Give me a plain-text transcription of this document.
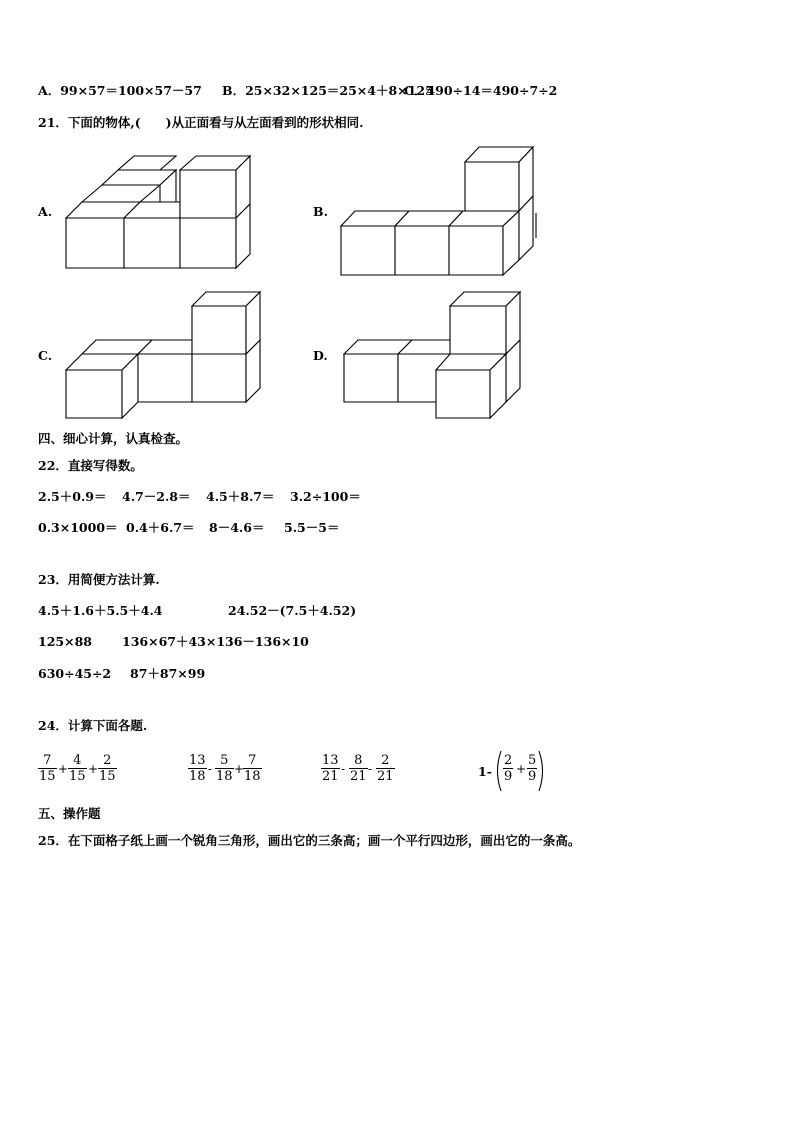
A．99×57＝100×57－57 B．25×32×125＝25×4＋8×125
C．490÷14＝490÷7÷2
21．下面的物体,(　　)从正面看与从左面看到的形状相同.
A.	B.
C.	D.
四、细心计算，认真检查。
22．直接写得数。
2.5＋0.9＝ 4.7－2.8＝ 4.5＋8.7＝ 3.2÷100＝
0.3×1000＝ 0.4＋6.7＝ 8－4.6＝ 5.5－5＝
23．用简便方法计算.
4.5＋1.6＋5.5＋4.4	24.52－(7.5＋4.52)
125×88 136×67＋43×136－136×10
630÷45÷2 87＋87×99
24．计算下面各题.
7
15 +
4
15 +
2
15
13
18 -
5
18 +
7
18
13
21 -
8
21 -
2
21	1-
2
9 +
5
9
五、操作题
25．在下面格子纸上画一个锐角三角形，画出它的三条高；画一个平行四边形，画出它的一条高。
